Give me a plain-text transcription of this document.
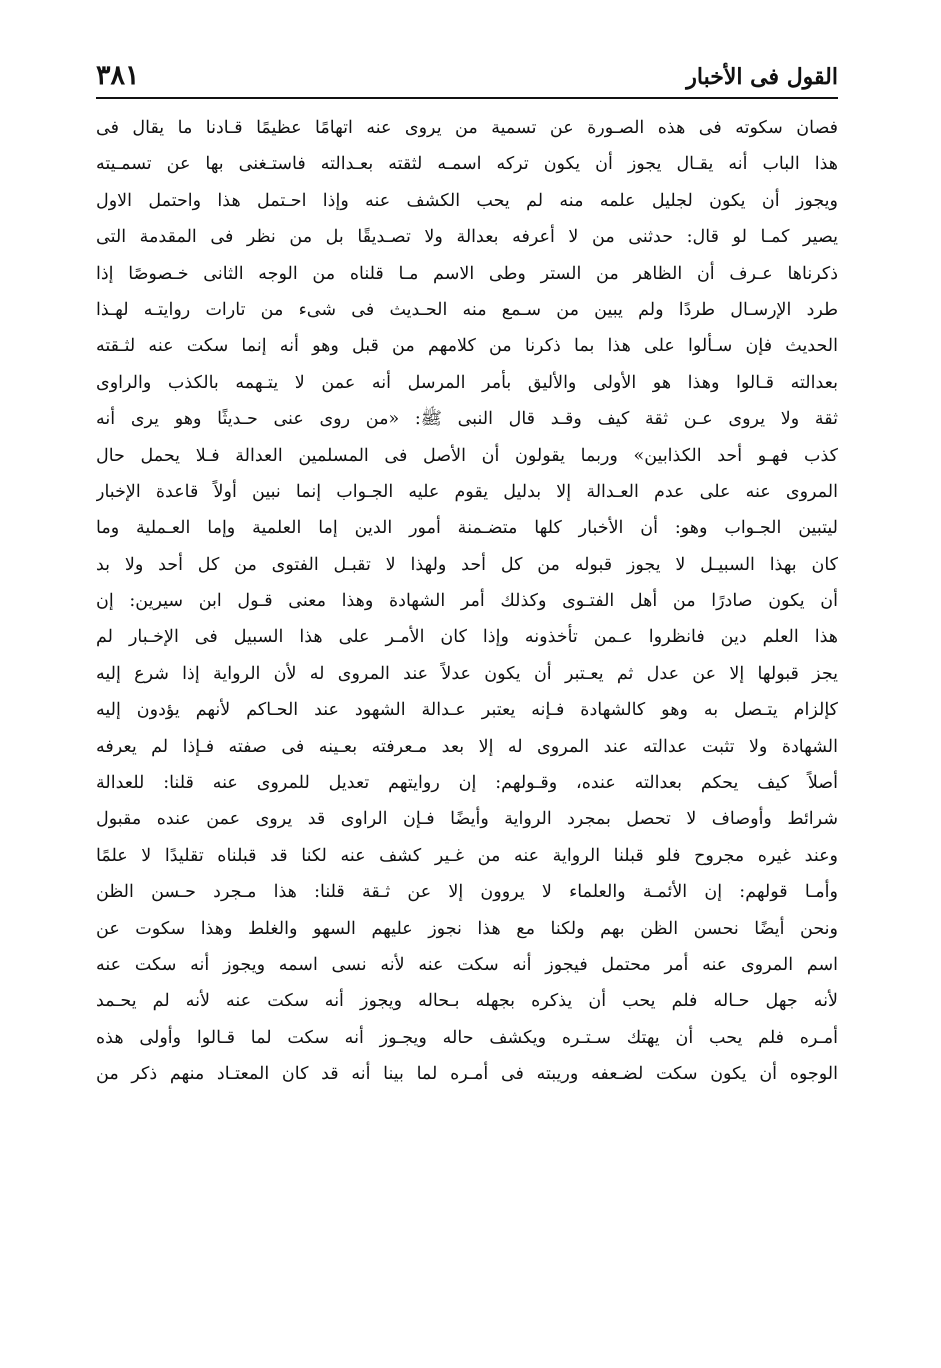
القول فى الأخبار
٣٨١
فصان سكوته فى هذه الصـورة عن تسمية من يروى عنه اتهامًا عظيمًا قـادنا ما يقال فى
هذا الباب أنه يقـال يجوز أن يكون تركه اسمـه لثقته بعـدالته فاستـغنى بها عن تسمـيته
ويجوز أن يكون لجليل علمه منه لم يحب الكشف عنه وإذا احـتمل هذا واحتمل الاول
يصير كمـا لو قال: حدثنى من لا أعرفه بعدالة ولا تصـديقًا بل من نظر فى المقدمة التى
ذكرناها عـرف أن الظاهر من الستر وطى الاسم مـا قلناه من الوجه الثانى خـصوصًا إذا
طرد الإرسـال طردًا ولم يبين من سـمع منه الحـديث فى شىء من تارات روايتـه لهـذا
الحديث فإن سـألوا على هذا بما ذكرنا من كلامهم من قبل وهو أنه إنما سكت عنه لثـقته
بعدالته قـالوا وهذا هو الأولى والأليق بأمر المرسل أنه عمن لا يتـهمه بالكذب والراوى
ثقة ولا يروى عـن ثقة كيف وقـد قال النبى ﷺ: «من روى عنى حـديثًا وهو يرى أنه
كذب فهـو أحد الكذابين» وربما يقولون أن الأصل فى المسلمين العدالة فـلا يحمل حال
المروى عنه على عدم العـدالة إلا بدليل يقوم عليه الجـواب إنما نبين أولاً قاعدة الإخبار
ليتبين الجـواب وهو: أن الأخبار كلها متضـمنة أمور الدين إما العلمية وإما العـملية وما
كان بهذا السبيـل لا يجوز قبوله من كل أحد ولهذا لا تقبـل الفتوى من كل أحد ولا بد
أن يكون صادرًا من أهل الفتـوى وكذلك أمر الشهادة وهذا معنى قـول ابن سيرين: إن
هذا العلم دين فانظروا عـمن تأخذونه وإذا كان الأمـر على هذا السبيل فى الإخـبار لم
يجز قبولها إلا عن عدل ثم يعـتبر أن يكون عدلاً عند المروى له لأن الرواية إذا شرع إليه
كإلزام يتـصل به وهو كالشهادة فـإنه يعتبر عـدالة الشهود عند الحـاكم لأنهم يؤدون إليه
الشهادة ولا تثبت عدالته عند المروى له إلا بعد مـعرفته بعـينه فى صفته فـإذا لم يعرفه
أصلاً كيف يحكم بعدالته عنده، وقـولهم: إن روايتهم تعديل للمروى عنه قلنا: للعدالة
شرائط وأوصاف لا تحصل بمجرد الرواية وأيضًا فـإن الراوى قد يروى عمن عنده مقبول
وعند غيره مجروح فلو قبلنا الرواية عنه من غـير كشف عنه لكنا قد قبلناه تقليدًا لا علمًا
وأمـا قولهم: إن الأئمـة والعلماء لا يروون إلا عن ثـقة قلنا: هذا مـجرد حـسن الظن
ونحن أيضًا نحسن الظن بهم ولكنا مع هذا نجوز عليهم السهو والغلط وهذا سكوت عن
اسم المروى عنه أمر محتمل فيجوز أنه سكت عنه لأنه نسى اسمه ويجوز أنه سكت عنه
لأنه جهل حـاله فلم يحب أن يذكره بجهله بـحاله ويجوز أنه سكت عنه لأنه لم يحـمد
أمـره فلم يحب أن يهتك سـتـره ويكشف حاله ويجـوز أنه سكت لما قـالوا وأولى هذه
الوجوه أن يكون سكت لضـعفه وريبته فى أمـره لما بينا أنه قد كان المعتـاد منهم ذكر من
